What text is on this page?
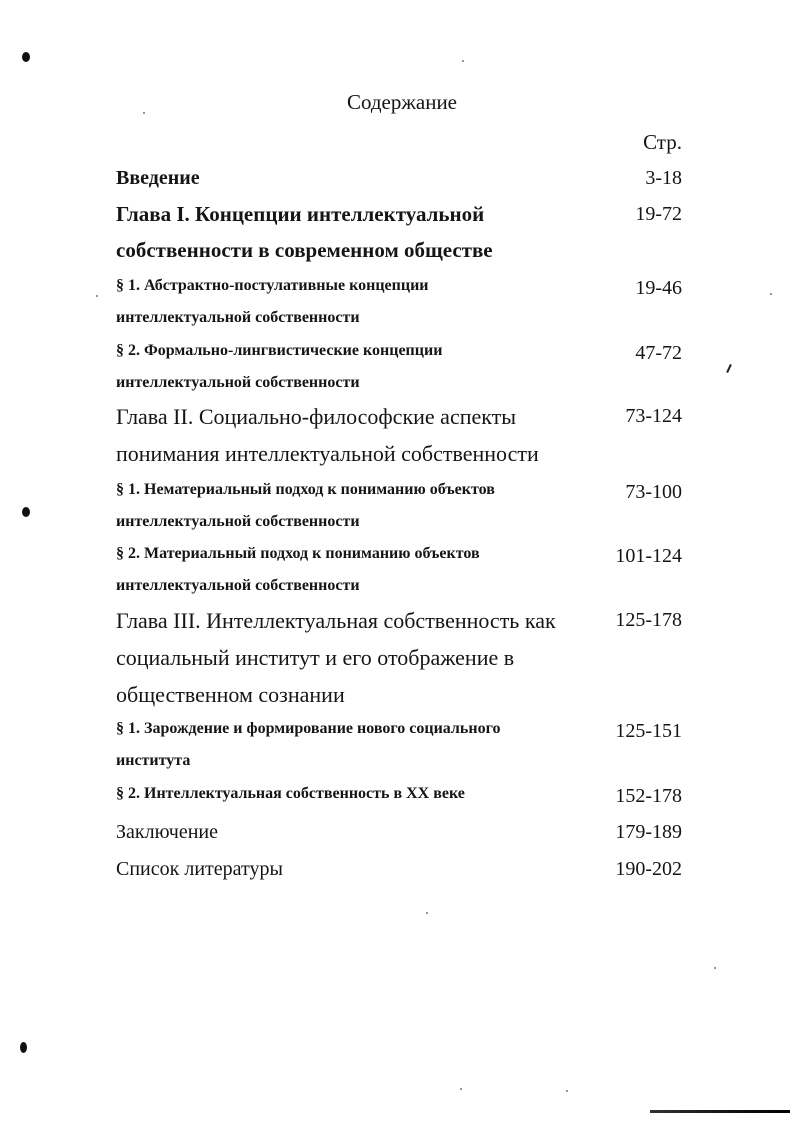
Содержание
Стр.
Введение	3-18
Глава I. Концепции интеллектуальной
собственности в современном обществе
19-72
§ 1. Абстрактно-постулативные концепции
интеллектуальной собственности
19-46
§ 2. Формально-лингвистические концепции
интеллектуальной собственности
47-72
Глава II. Социально-философские аспекты
понимания интеллектуальной собственности
73-124
§ 1. Нематериальный подход к пониманию объектов
интеллектуальной собственности
73-100
§ 2. Материальный подход к пониманию объектов
интеллектуальной собственности
101-124
Глава III. Интеллектуальная собственность как
социальный институт и его отображение в
общественном сознании
125-178
§ 1. Зарождение и формирование нового социального
института
125-151
§ 2. Интеллектуальная собственность в XX веке	152-178
Заключение	179-189
Список литературы	190-202
